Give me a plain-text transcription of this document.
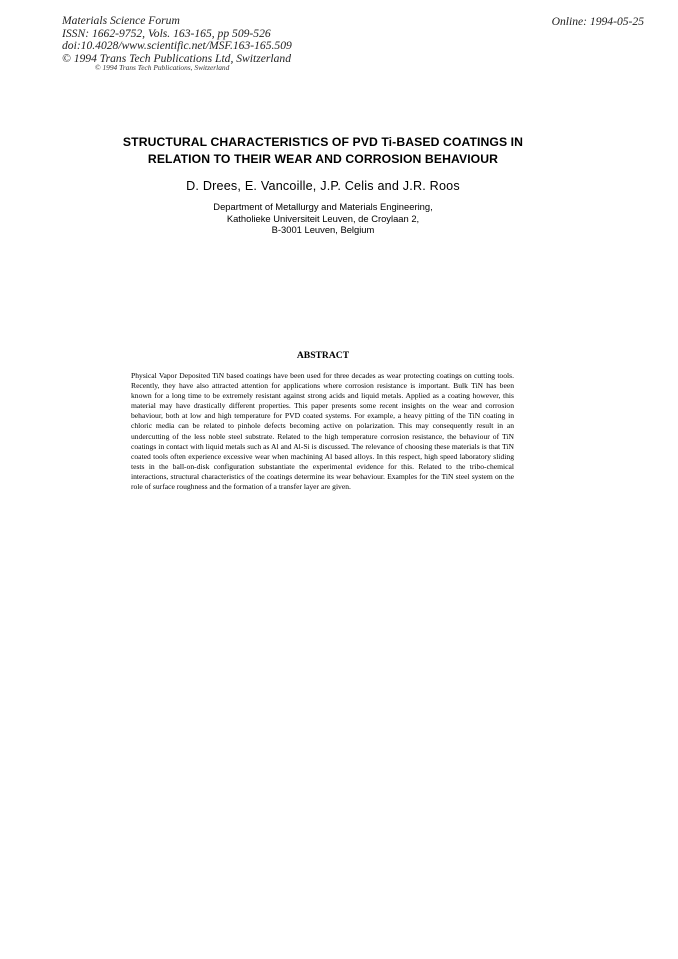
Materials Science Forum
ISSN: 1662-9752, Vols. 163-165, pp 509-526
doi:10.4028/www.scientific.net/MSF.163-165.509
© 1994 Trans Tech Publications Ltd, Switzerland
Online: 1994-05-25
© 1994 Trans Tech Publications, Switzerland
STRUCTURAL CHARACTERISTICS OF PVD Ti-BASED COATINGS IN
RELATION TO THEIR WEAR AND CORROSION BEHAVIOUR
D. Drees, E. Vancoille, J.P. Celis and J.R. Roos
Department of Metallurgy and Materials Engineering,
Katholieke Universiteit Leuven, de Croylaan 2,
B-3001 Leuven, Belgium
ABSTRACT
Physical Vapor Deposited TiN based coatings have been used for three decades as wear protecting coatings on cutting tools. Recently, they have also attracted attention for applications where corrosion resistance is important. Bulk TiN has been known for a long time to be extremely resistant against strong acids and liquid metals. Applied as a coating however, this material may have drastically different properties. This paper presents some recent insights on the wear and corrosion behaviour, both at low and high temperature for PVD coated systems. For example, a heavy pitting of the TiN coating in chloric media can be related to pinhole defects becoming active on polarization. This may consequently result in an undercutting of the less noble steel substrate. Related to the high temperature corrosion resistance, the behaviour of TiN coatings in contact with liquid metals such as Al and Al-Si is discussed. The relevance of choosing these materials is that TiN coated tools often experience excessive wear when machining Al based alloys. In this respect, high speed laboratory sliding tests in the ball-on-disk configuration substantiate the experimental evidence for this. Related to the tribo-chemical interactions, structural characteristics of the coatings determine its wear behaviour. Examples for the TiN steel system on the role of surface roughness and the formation of a transfer layer are given.
